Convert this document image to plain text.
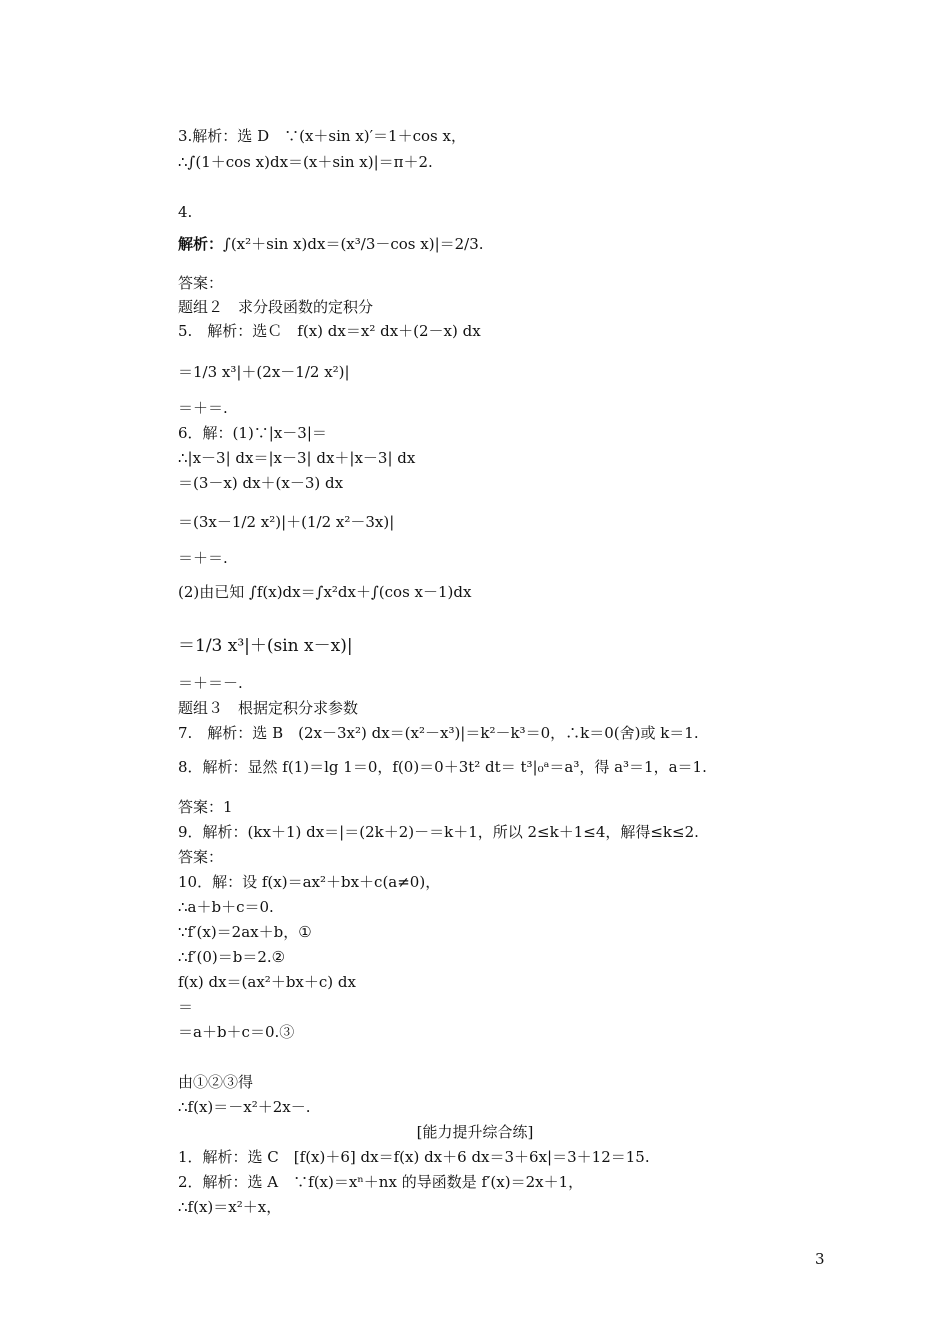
3.解析：选 D　∵(x＋sin x)′＝1＋cos x，
∴∫(1＋cos x)dx＝(x＋sin x)|＝π＋2.
4.
解析：∫(x²＋sin x)dx＝(x³/3－cos x)|＝2/3.
答案：
题组２　求分段函数的定积分
5.　解析：选Ｃ　f(x) dx＝x² dx＋(2－x) dx
＝1/3 x³|＋(2x－1/2 x²)|
＝＋＝.
6．解：(1)∵|x－3|＝
∴|x－3| dx＝|x－3| dx＋|x－3| dx
＝(3－x) dx＋(x－3) dx
＝(3x－1/2 x²)|＋(1/2 x²－3x)|
＝＋＝.
(2)由已知 ∫f(x)dx＝∫x²dx＋∫(cos x－1)dx
＝1/3 x³|＋(sin x－x)|
＝＋＝－.
题组３　根据定积分求参数
7.　解析：选 B　(2x－3x²) dx＝(x²－x³)|＝k²－k³＝0，∴k＝0(舍)或 k＝1.
8．解析：显然 f(1)＝lg 1＝0，f(0)＝0＋3t² dt＝ t³|₀ᵃ＝a³，得 a³＝1，a＝1.
答案：1
9．解析：(kx＋1) dx＝|＝(2k＋2)－＝k＋1，所以 2≤k＋1≤4，解得≤k≤2.
答案：
10．解：设 f(x)＝ax²＋bx＋c(a≠0)，
∴a＋b＋c＝0.
∵f′(x)＝2ax＋b，①
∴f′(0)＝b＝2.②
f(x) dx＝(ax²＋bx＋c) dx
＝
＝a＋b＋c＝0.③
由①②③得
∴f(x)＝－x²＋2x－.
[能力提升综合练]
1．解析：选 C　[f(x)＋6] dx＝f(x) dx＋6 dx＝3＋6x|＝3＋12＝15.
2．解析：选 A　∵f(x)＝xⁿ＋nx 的导函数是 f′(x)＝2x＋1，
∴f(x)＝x²＋x，
3
